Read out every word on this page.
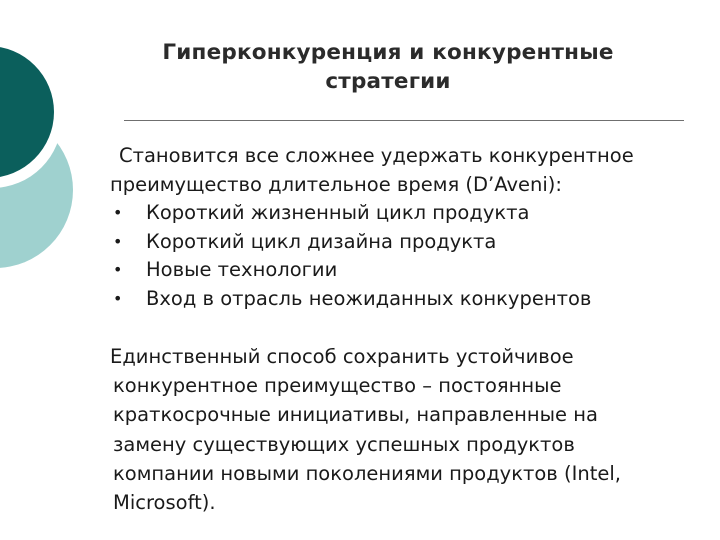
Гиперконкуренция и конкурентные
стратегии
Становится все сложнее удержать конкурентное
преимущество длительное время (D’Aveni):
• Короткий жизненный цикл продукта
• Короткий цикл дизайна продукта
• Новые технологии
• Вход в отрасль неожиданных конкурентов
Единственный способ сохранить устойчивое
конкурентное преимущество – постоянные
краткосрочные инициативы, направленные на
замену существующих успешных продуктов
компании новыми поколениями продуктов (Intel,
Microsoft).
